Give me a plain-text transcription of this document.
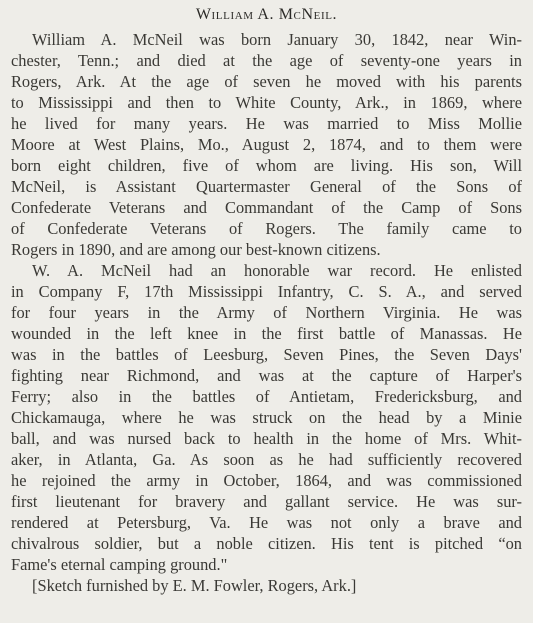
William A. McNeil.
William A. McNeil was born January 30, 1842, near Win-
chester, Tenn.; and died at the age of seventy-one years in
Rogers, Ark. At the age of seven he moved with his parents
to Mississippi and then to White County, Ark., in 1869, where
he lived for many years. He was married to Miss Mollie
Moore at West Plains, Mo., August 2, 1874, and to them were
born eight children, five of whom are living. His son, Will
McNeil, is Assistant Quartermaster General of the Sons of
Confederate Veterans and Commandant of the Camp of Sons
of Confederate Veterans of Rogers. The family came to
Rogers in 1890, and are among our best-known citizens.
W. A. McNeil had an honorable war record. He enlisted
in Company F, 17th Mississippi Infantry, C. S. A., and served
for four years in the Army of Northern Virginia. He was
wounded in the left knee in the first battle of Manassas. He
was in the battles of Leesburg, Seven Pines, the Seven Days'
fighting near Richmond, and was at the capture of Harper's
Ferry; also in the battles of Antietam, Fredericksburg, and
Chickamauga, where he was struck on the head by a Minie
ball, and was nursed back to health in the home of Mrs. Whit-
aker, in Atlanta, Ga. As soon as he had sufficiently recovered
he rejoined the army in October, 1864, and was commissioned
first lieutenant for bravery and gallant service. He was sur-
rendered at Petersburg, Va. He was not only a brave and
chivalrous soldier, but a noble citizen. His tent is pitched “on
Fame's eternal camping ground."
[Sketch furnished by E. M. Fowler, Rogers, Ark.]
